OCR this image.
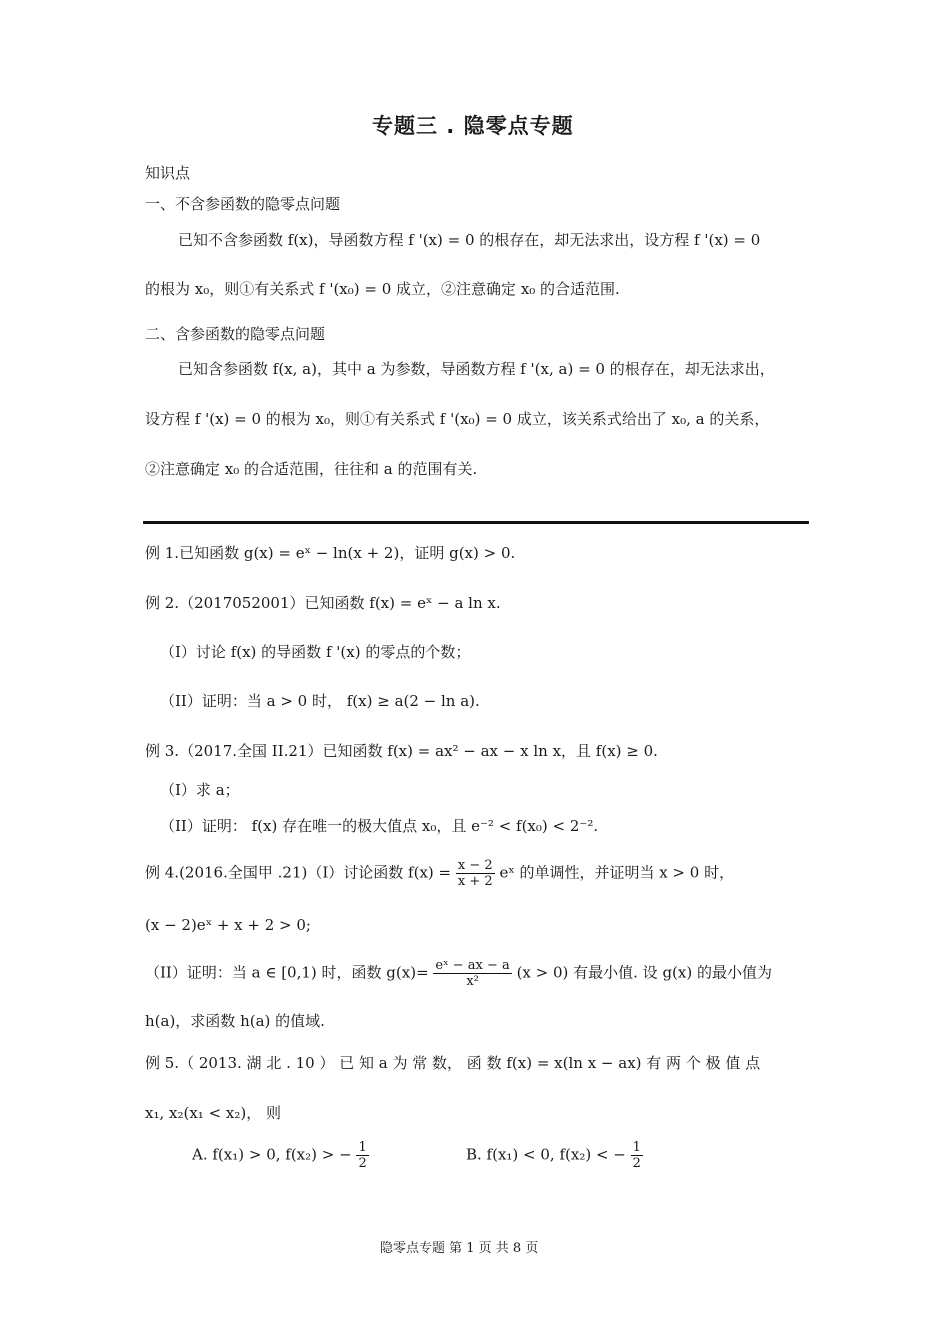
专题三 . 隐零点专题
知识点
一、不含参函数的隐零点问题
已知不含参函数 f(x)，导函数方程 f '(x) = 0 的根存在，却无法求出，设方程 f '(x) = 0
的根为 x₀，则①有关系式 f '(x₀) = 0 成立，②注意确定 x₀ 的合适范围.
二、含参函数的隐零点问题
已知含参函数 f(x, a)，其中 a 为参数，导函数方程 f '(x, a) = 0 的根存在，却无法求出，
设方程 f '(x) = 0 的根为 x₀，则①有关系式 f '(x₀) = 0 成立，该关系式给出了 x₀, a 的关系，
②注意确定 x₀ 的合适范围，往往和 a 的范围有关.
例 1.已知函数 g(x) = eˣ − ln(x + 2)，证明 g(x) > 0.
例 2.（2017052001）已知函数 f(x) = eˣ − a ln x.
（I）讨论 f(x) 的导函数 f '(x) 的零点的个数；
（II）证明：当 a > 0 时， f(x) ≥ a(2 − ln a).
例 3.（2017.全国 II.21）已知函数 f(x) = ax² − ax − x ln x，且 f(x) ≥ 0.
（I）求 a；
（II）证明： f(x) 存在唯一的极大值点 x₀，且 e⁻² < f(x₀) < 2⁻².
例 4.(2016.全国甲 .21)（I）讨论函数 $f(x) = \frac{x - 2}{x + 2}$ eˣ 的单调性，并证明当 x > 0 时，
(x − 2)eˣ + x + 2 > 0;
（II）证明：当 a ∈ [0,1) 时，函数 $g(x)= \frac{\text{eˣ − ax − a}}{\text{x²}} (x > 0)$ 有最小值. 设 g(x) 的最小值为
h(a)，求函数 h(a) 的值域.
例 5.（ 2013. 湖 北 . 10 ） 已 知 a 为 常 数， 函 数 f(x) = x(ln x − ax) 有 两 个 极 值 点
x₁, x₂(x₁ < x₂)， 则
A. f(x₁) > 0, f(x₂) > − $\frac{1}{2}$	B. f(x₁) < 0, f(x₂) < − $\frac{1}{2}$
隐零点专题 第 1 页 共 8 页
